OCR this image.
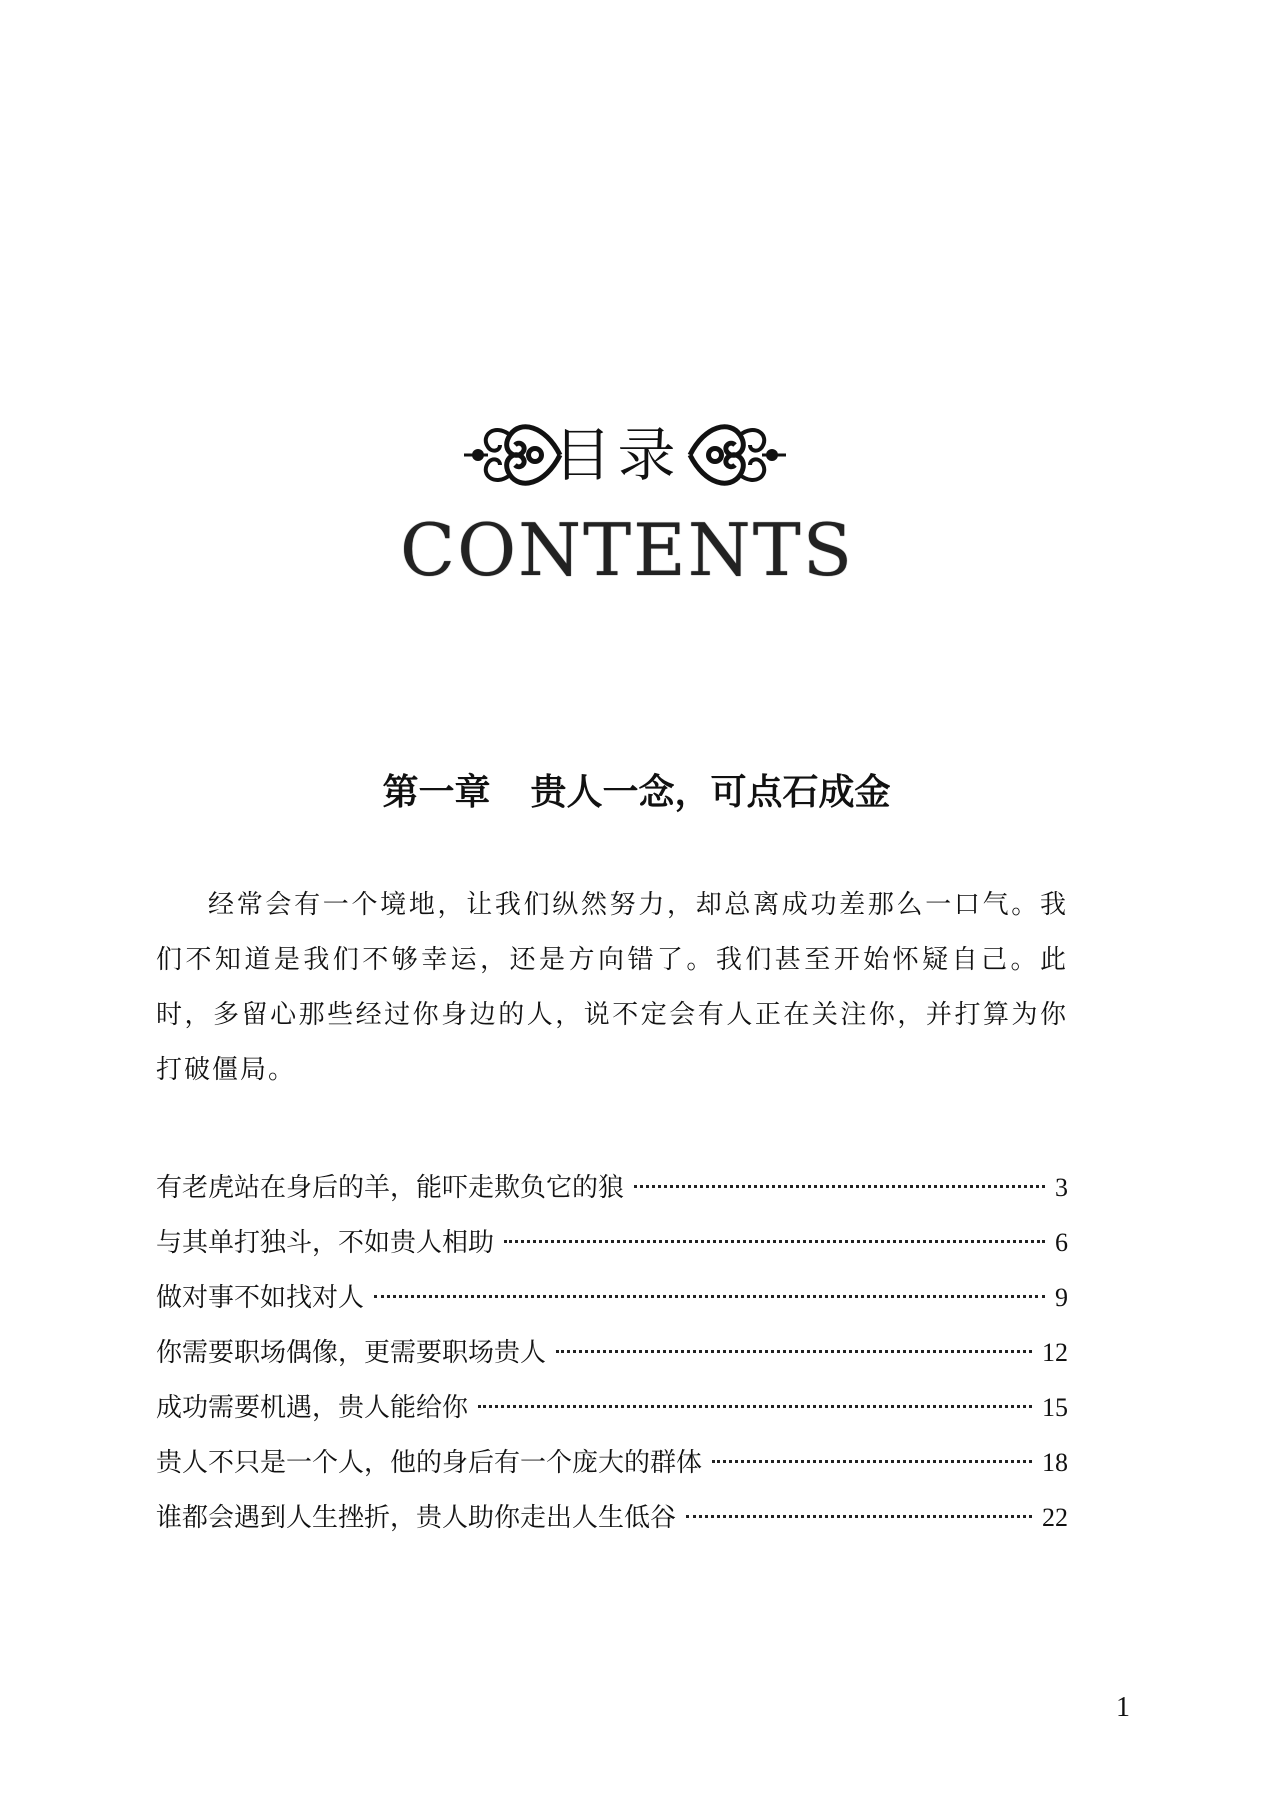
目录
CONTENTS
第一章 贵人一念，可点石成金

经常会有一个境地，让我们纵然努力，却总离成功差那么一口气。我们不知道是我们不够幸运，还是方向错了。我们甚至开始怀疑自己。此时，多留心那些经过你身边的人，说不定会有人正在关注你，并打算为你打破僵局。

有老虎站在身后的羊，能吓走欺负它的狼	3
与其单打独斗，不如贵人相助	6
做对事不如找对人	9
你需要职场偶像，更需要职场贵人	12
成功需要机遇，贵人能给你	15
贵人不只是一个人，他的身后有一个庞大的群体	18
谁都会遇到人生挫折，贵人助你走出人生低谷	22
1
